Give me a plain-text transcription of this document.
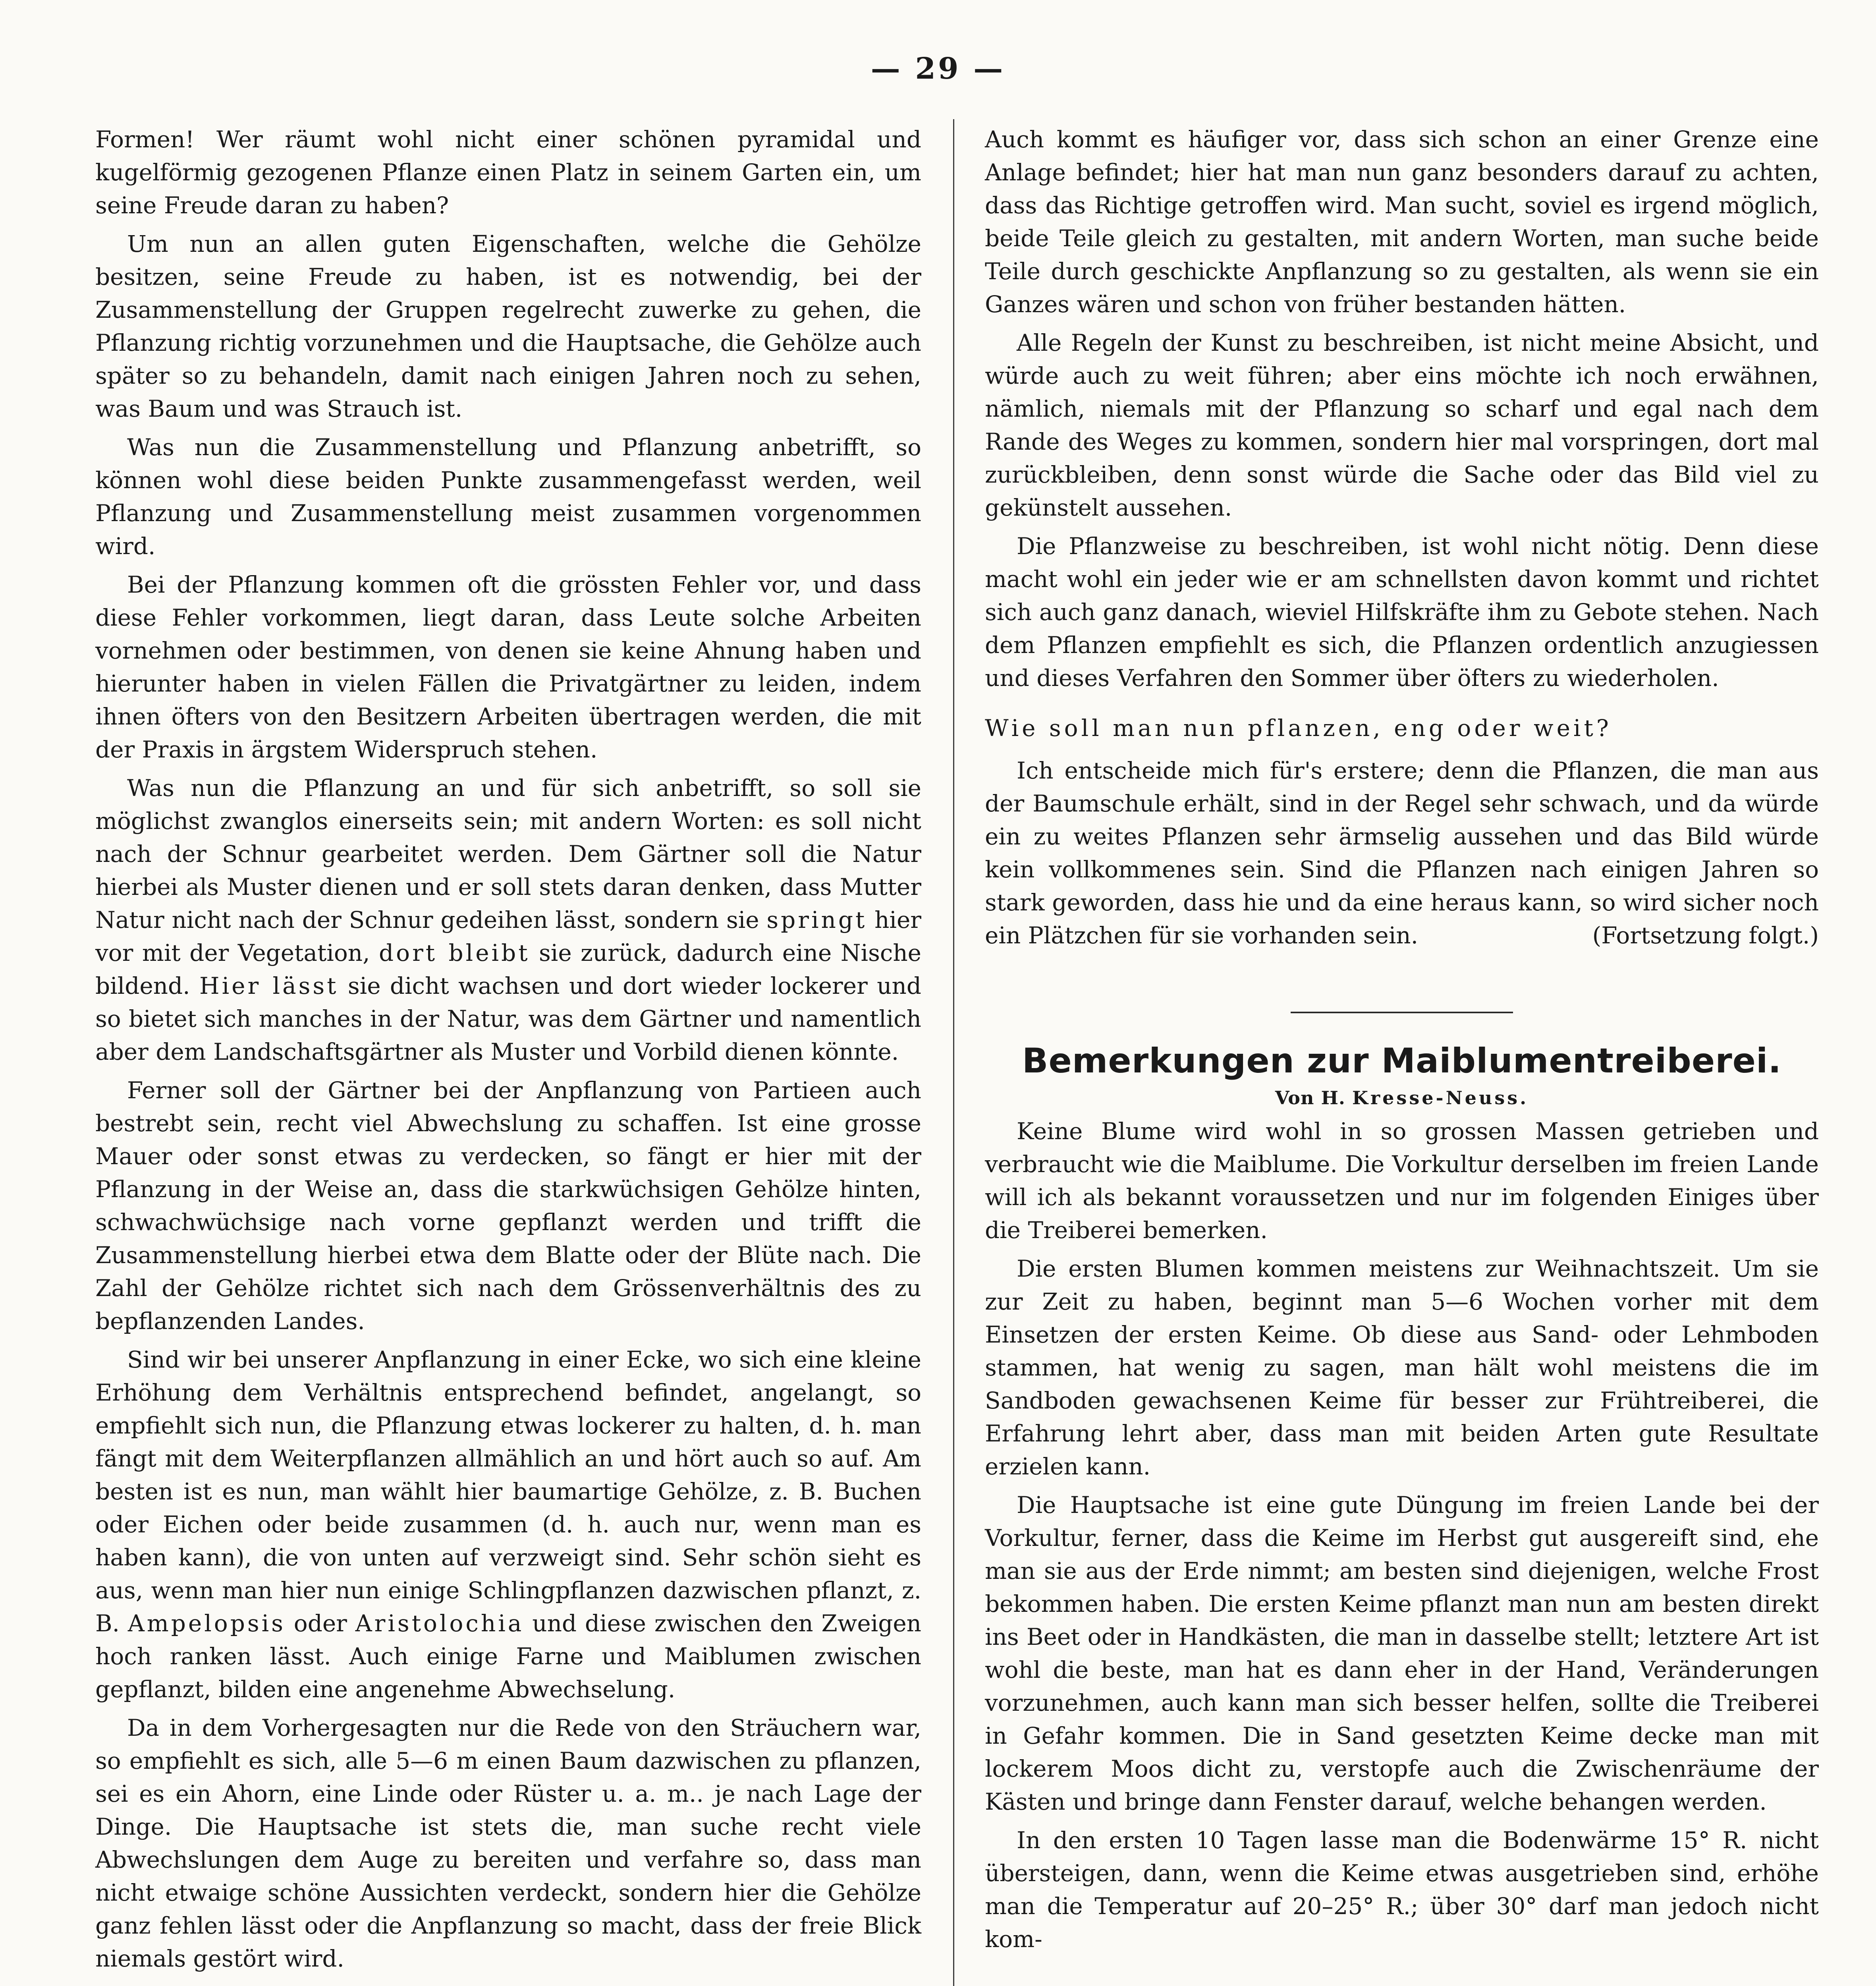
— 29 —

Formen! Wer räumt wohl nicht einer schönen pyramidal und kugelförmig gezogenen Pflanze einen Platz in seinem Garten ein, um seine Freude daran zu haben?

Um nun an allen guten Eigenschaften, welche die Gehölze besitzen, seine Freude zu haben, ist es notwendig, bei der Zusammenstellung der Gruppen regelrecht zuwerke zu gehen, die Pflanzung richtig vorzunehmen und die Hauptsache, die Gehölze auch später so zu behandeln, damit nach einigen Jahren noch zu sehen, was Baum und was Strauch ist.

Was nun die Zusammenstellung und Pflanzung anbetrifft, so können wohl diese beiden Punkte zusammengefasst werden, weil Pflanzung und Zusammenstellung meist zusammen vorgenommen wird.

Bei der Pflanzung kommen oft die grössten Fehler vor, und dass diese Fehler vorkommen, liegt daran, dass Leute solche Arbeiten vornehmen oder bestimmen, von denen sie keine Ahnung haben und hierunter haben in vielen Fällen die Privatgärtner zu leiden, indem ihnen öfters von den Besitzern Arbeiten übertragen werden, die mit der Praxis in ärgstem Widerspruch stehen.

Was nun die Pflanzung an und für sich anbetrifft, so soll sie möglichst zwanglos einerseits sein; mit andern Worten: es soll nicht nach der Schnur gearbeitet werden. Dem Gärtner soll die Natur hierbei als Muster dienen und er soll stets daran denken, dass Mutter Natur nicht nach der Schnur gedeihen lässt, sondern sie springt hier vor mit der Vegetation, dort bleibt sie zurück, dadurch eine Nische bildend. Hier lässt sie dicht wachsen und dort wieder lockerer und so bietet sich manches in der Natur, was dem Gärtner und namentlich aber dem Landschaftsgärtner als Muster und Vorbild dienen könnte.

Ferner soll der Gärtner bei der Anpflanzung von Partieen auch bestrebt sein, recht viel Abwechslung zu schaffen. Ist eine grosse Mauer oder sonst etwas zu verdecken, so fängt er hier mit der Pflanzung in der Weise an, dass die starkwüchsigen Gehölze hinten, schwachwüchsige nach vorne gepflanzt werden und trifft die Zusammenstellung hierbei etwa dem Blatte oder der Blüte nach. Die Zahl der Gehölze richtet sich nach dem Grössenverhältnis des zu bepflanzenden Landes.

Sind wir bei unserer Anpflanzung in einer Ecke, wo sich eine kleine Erhöhung dem Verhältnis entsprechend befindet, angelangt, so empfiehlt sich nun, die Pflanzung etwas lockerer zu halten, d. h. man fängt mit dem Weiterpflanzen allmählich an und hört auch so auf. Am besten ist es nun, man wählt hier baumartige Gehölze, z. B. Buchen oder Eichen oder beide zusammen (d. h. auch nur, wenn man es haben kann), die von unten auf verzweigt sind. Sehr schön sieht es aus, wenn man hier nun einige Schlingpflanzen dazwischen pflanzt, z. B. Ampelopsis oder Aristolochia und diese zwischen den Zweigen hoch ranken lässt. Auch einige Farne und Maiblumen zwischen gepflanzt, bilden eine angenehme Abwechselung.

Da in dem Vorhergesagten nur die Rede von den Sträuchern war, so empfiehlt es sich, alle 5—6 m einen Baum dazwischen zu pflanzen, sei es ein Ahorn, eine Linde oder Rüster u. a. m.. je nach Lage der Dinge. Die Hauptsache ist stets die, man suche recht viele Abwechslungen dem Auge zu bereiten und verfahre so, dass man nicht etwaige schöne Aussichten verdeckt, sondern hier die Gehölze ganz fehlen lässt oder die Anpflanzung so macht, dass der freie Blick niemals gestört wird.

Auch kommt es häufiger vor, dass sich schon an einer Grenze eine Anlage befindet; hier hat man nun ganz besonders darauf zu achten, dass das Richtige getroffen wird. Man sucht, soviel es irgend möglich, beide Teile gleich zu gestalten, mit andern Worten, man suche beide Teile durch geschickte Anpflanzung so zu gestalten, als wenn sie ein Ganzes wären und schon von früher bestanden hätten.

Alle Regeln der Kunst zu beschreiben, ist nicht meine Absicht, und würde auch zu weit führen; aber eins möchte ich noch erwähnen, nämlich, niemals mit der Pflanzung so scharf und egal nach dem Rande des Weges zu kommen, sondern hier mal vorspringen, dort mal zurückbleiben, denn sonst würde die Sache oder das Bild viel zu gekünstelt aussehen.

Die Pflanzweise zu beschreiben, ist wohl nicht nötig. Denn diese macht wohl ein jeder wie er am schnellsten davon kommt und richtet sich auch ganz danach, wieviel Hilfskräfte ihm zu Gebote stehen. Nach dem Pflanzen empfiehlt es sich, die Pflanzen ordentlich anzugiessen und dieses Verfahren den Sommer über öfters zu wiederholen.

Wie soll man nun pflanzen, eng oder weit?

Ich entscheide mich für's erstere; denn die Pflanzen, die man aus der Baumschule erhält, sind in der Regel sehr schwach, und da würde ein zu weites Pflanzen sehr ärmselig aussehen und das Bild würde kein vollkommenes sein. Sind die Pflanzen nach einigen Jahren so stark geworden, dass hie und da eine heraus kann, so wird sicher noch ein Plätzchen für sie vorhanden sein.	(Fortsetzung folgt.)

Bemerkungen zur Maiblumentreiberei.
Von H. Kresse-Neuss.

Keine Blume wird wohl in so grossen Massen getrieben und verbraucht wie die Maiblume. Die Vorkultur derselben im freien Lande will ich als bekannt voraussetzen und nur im folgenden Einiges über die Treiberei bemerken.

Die ersten Blumen kommen meistens zur Weihnachtszeit. Um sie zur Zeit zu haben, beginnt man 5—6 Wochen vorher mit dem Einsetzen der ersten Keime. Ob diese aus Sand- oder Lehmboden stammen, hat wenig zu sagen, man hält wohl meistens die im Sandboden gewachsenen Keime für besser zur Frühtreiberei, die Erfahrung lehrt aber, dass man mit beiden Arten gute Resultate erzielen kann.

Die Hauptsache ist eine gute Düngung im freien Lande bei der Vorkultur, ferner, dass die Keime im Herbst gut ausgereift sind, ehe man sie aus der Erde nimmt; am besten sind diejenigen, welche Frost bekommen haben. Die ersten Keime pflanzt man nun am besten direkt ins Beet oder in Handkästen, die man in dasselbe stellt; letztere Art ist wohl die beste, man hat es dann eher in der Hand, Veränderungen vorzunehmen, auch kann man sich besser helfen, sollte die Treiberei in Gefahr kommen. Die in Sand gesetzten Keime decke man mit lockerem Moos dicht zu, verstopfe auch die Zwischenräume der Kästen und bringe dann Fenster darauf, welche behangen werden.

In den ersten 10 Tagen lasse man die Bodenwärme 15° R. nicht übersteigen, dann, wenn die Keime etwas ausgetrieben sind, erhöhe man die Temperatur auf 20–25° R.; über 30° darf man jedoch nicht kom-
